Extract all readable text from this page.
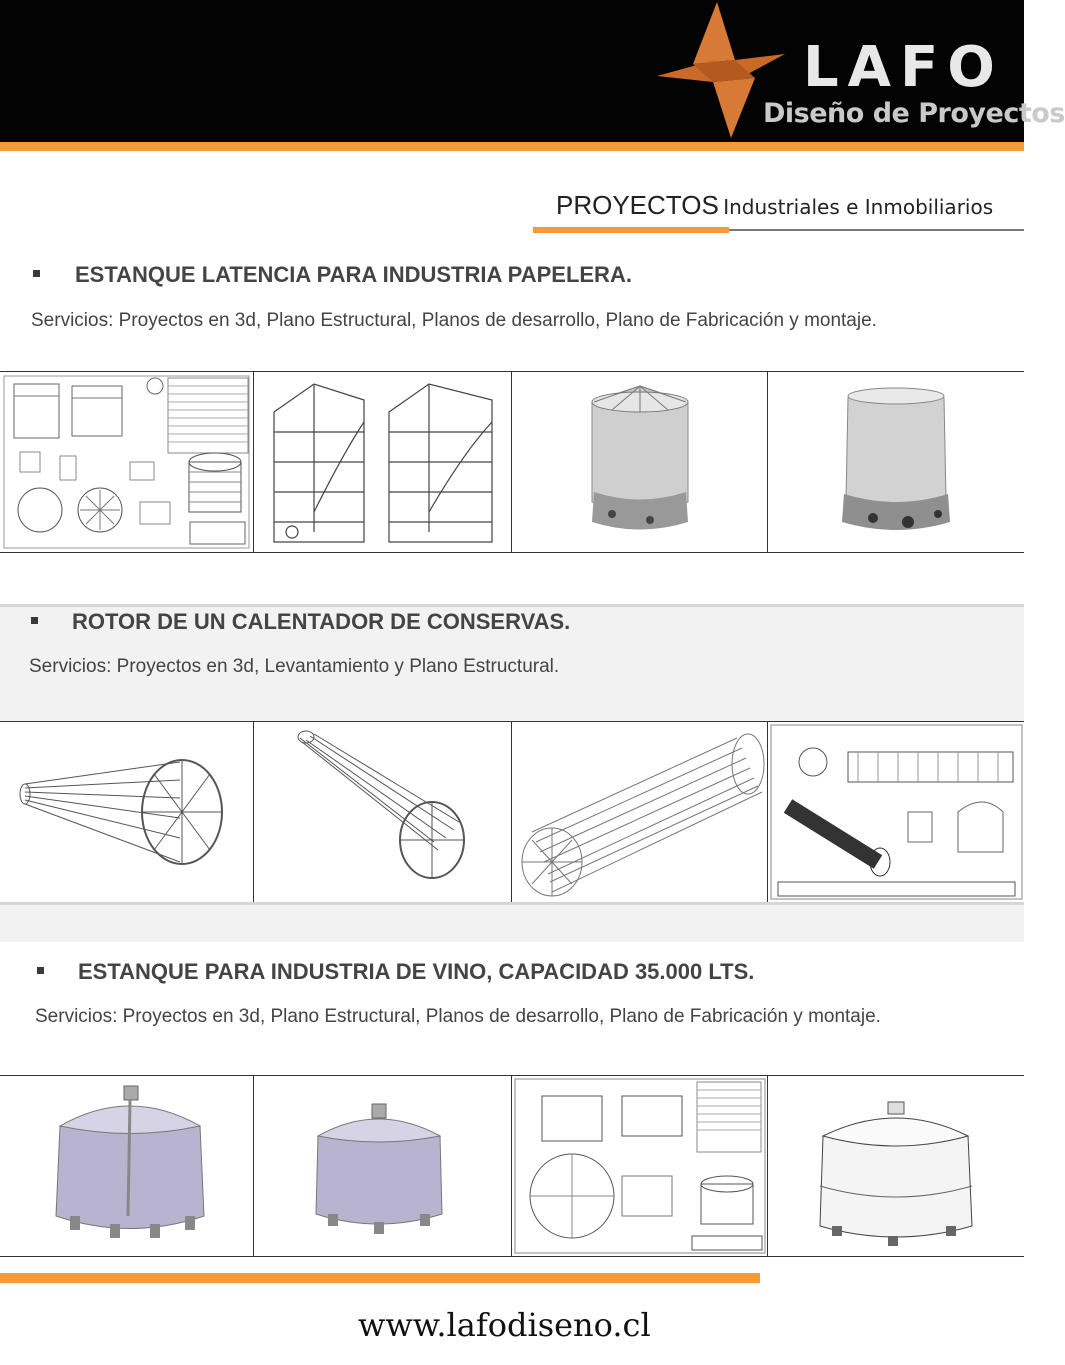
LAFO
Diseño de Proyectos
PROYECTOS Industriales e Inmobiliarios
ESTANQUE LATENCIA PARA INDUSTRIA PAPELERA.
Servicios: Proyectos en 3d, Plano Estructural, Planos de desarrollo, Plano de Fabricación y montaje.
ROTOR DE UN CALENTADOR DE CONSERVAS.
Servicios: Proyectos en 3d, Levantamiento y Plano Estructural.
ESTANQUE PARA INDUSTRIA DE VINO, CAPACIDAD 35.000 LTS.
Servicios: Proyectos en 3d, Plano Estructural, Planos de desarrollo, Plano de Fabricación y montaje.
www.lafodiseno.cl
